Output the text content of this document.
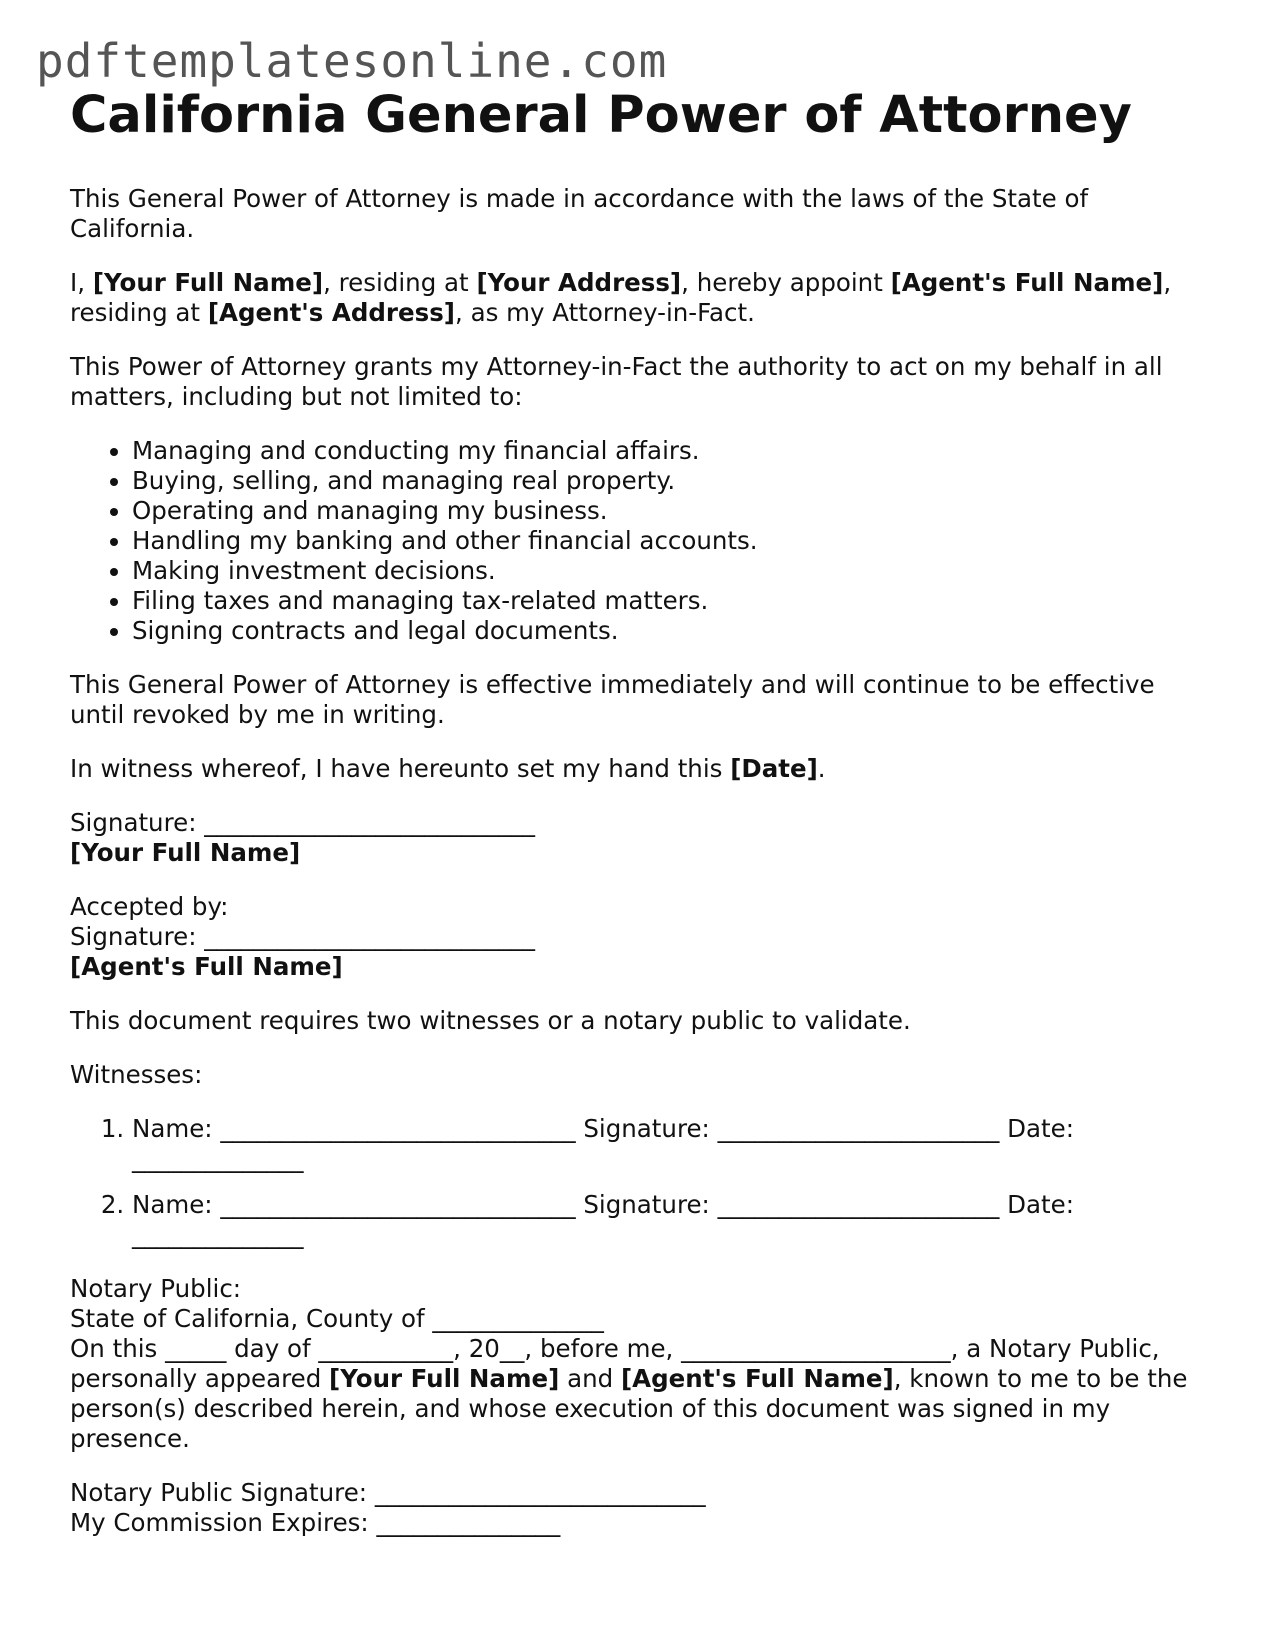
pdftemplatesonline.com
California General Power of Attorney

This General Power of Attorney is made in accordance with the laws of the State of California.

I, [Your Full Name], residing at [Your Address], hereby appoint [Agent's Full Name], residing at [Agent's Address], as my Attorney-in-Fact.

This Power of Attorney grants my Attorney-in-Fact the authority to act on my behalf in all matters, including but not limited to:

• Managing and conducting my financial affairs.
• Buying, selling, and managing real property.
• Operating and managing my business.
• Handling my banking and other financial accounts.
• Making investment decisions.
• Filing taxes and managing tax-related matters.
• Signing contracts and legal documents.

This General Power of Attorney is effective immediately and will continue to be effective until revoked by me in writing.

In witness whereof, I have hereunto set my hand this [Date].

Signature: ___________________________
[Your Full Name]

Accepted by:
Signature: ___________________________
[Agent's Full Name]

This document requires two witnesses or a notary public to validate.

Witnesses:

1. Name: _____________________________ Signature: _______________________ Date: ______________
2. Name: _____________________________ Signature: _______________________ Date: ______________

Notary Public:
State of California, County of ______________
On this _____ day of ___________, 20__, before me, ______________________, a Notary Public, personally appeared [Your Full Name] and [Agent's Full Name], known to me to be the person(s) described herein, and whose execution of this document was signed in my presence.

Notary Public Signature: ___________________________
My Commission Expires: _______________
